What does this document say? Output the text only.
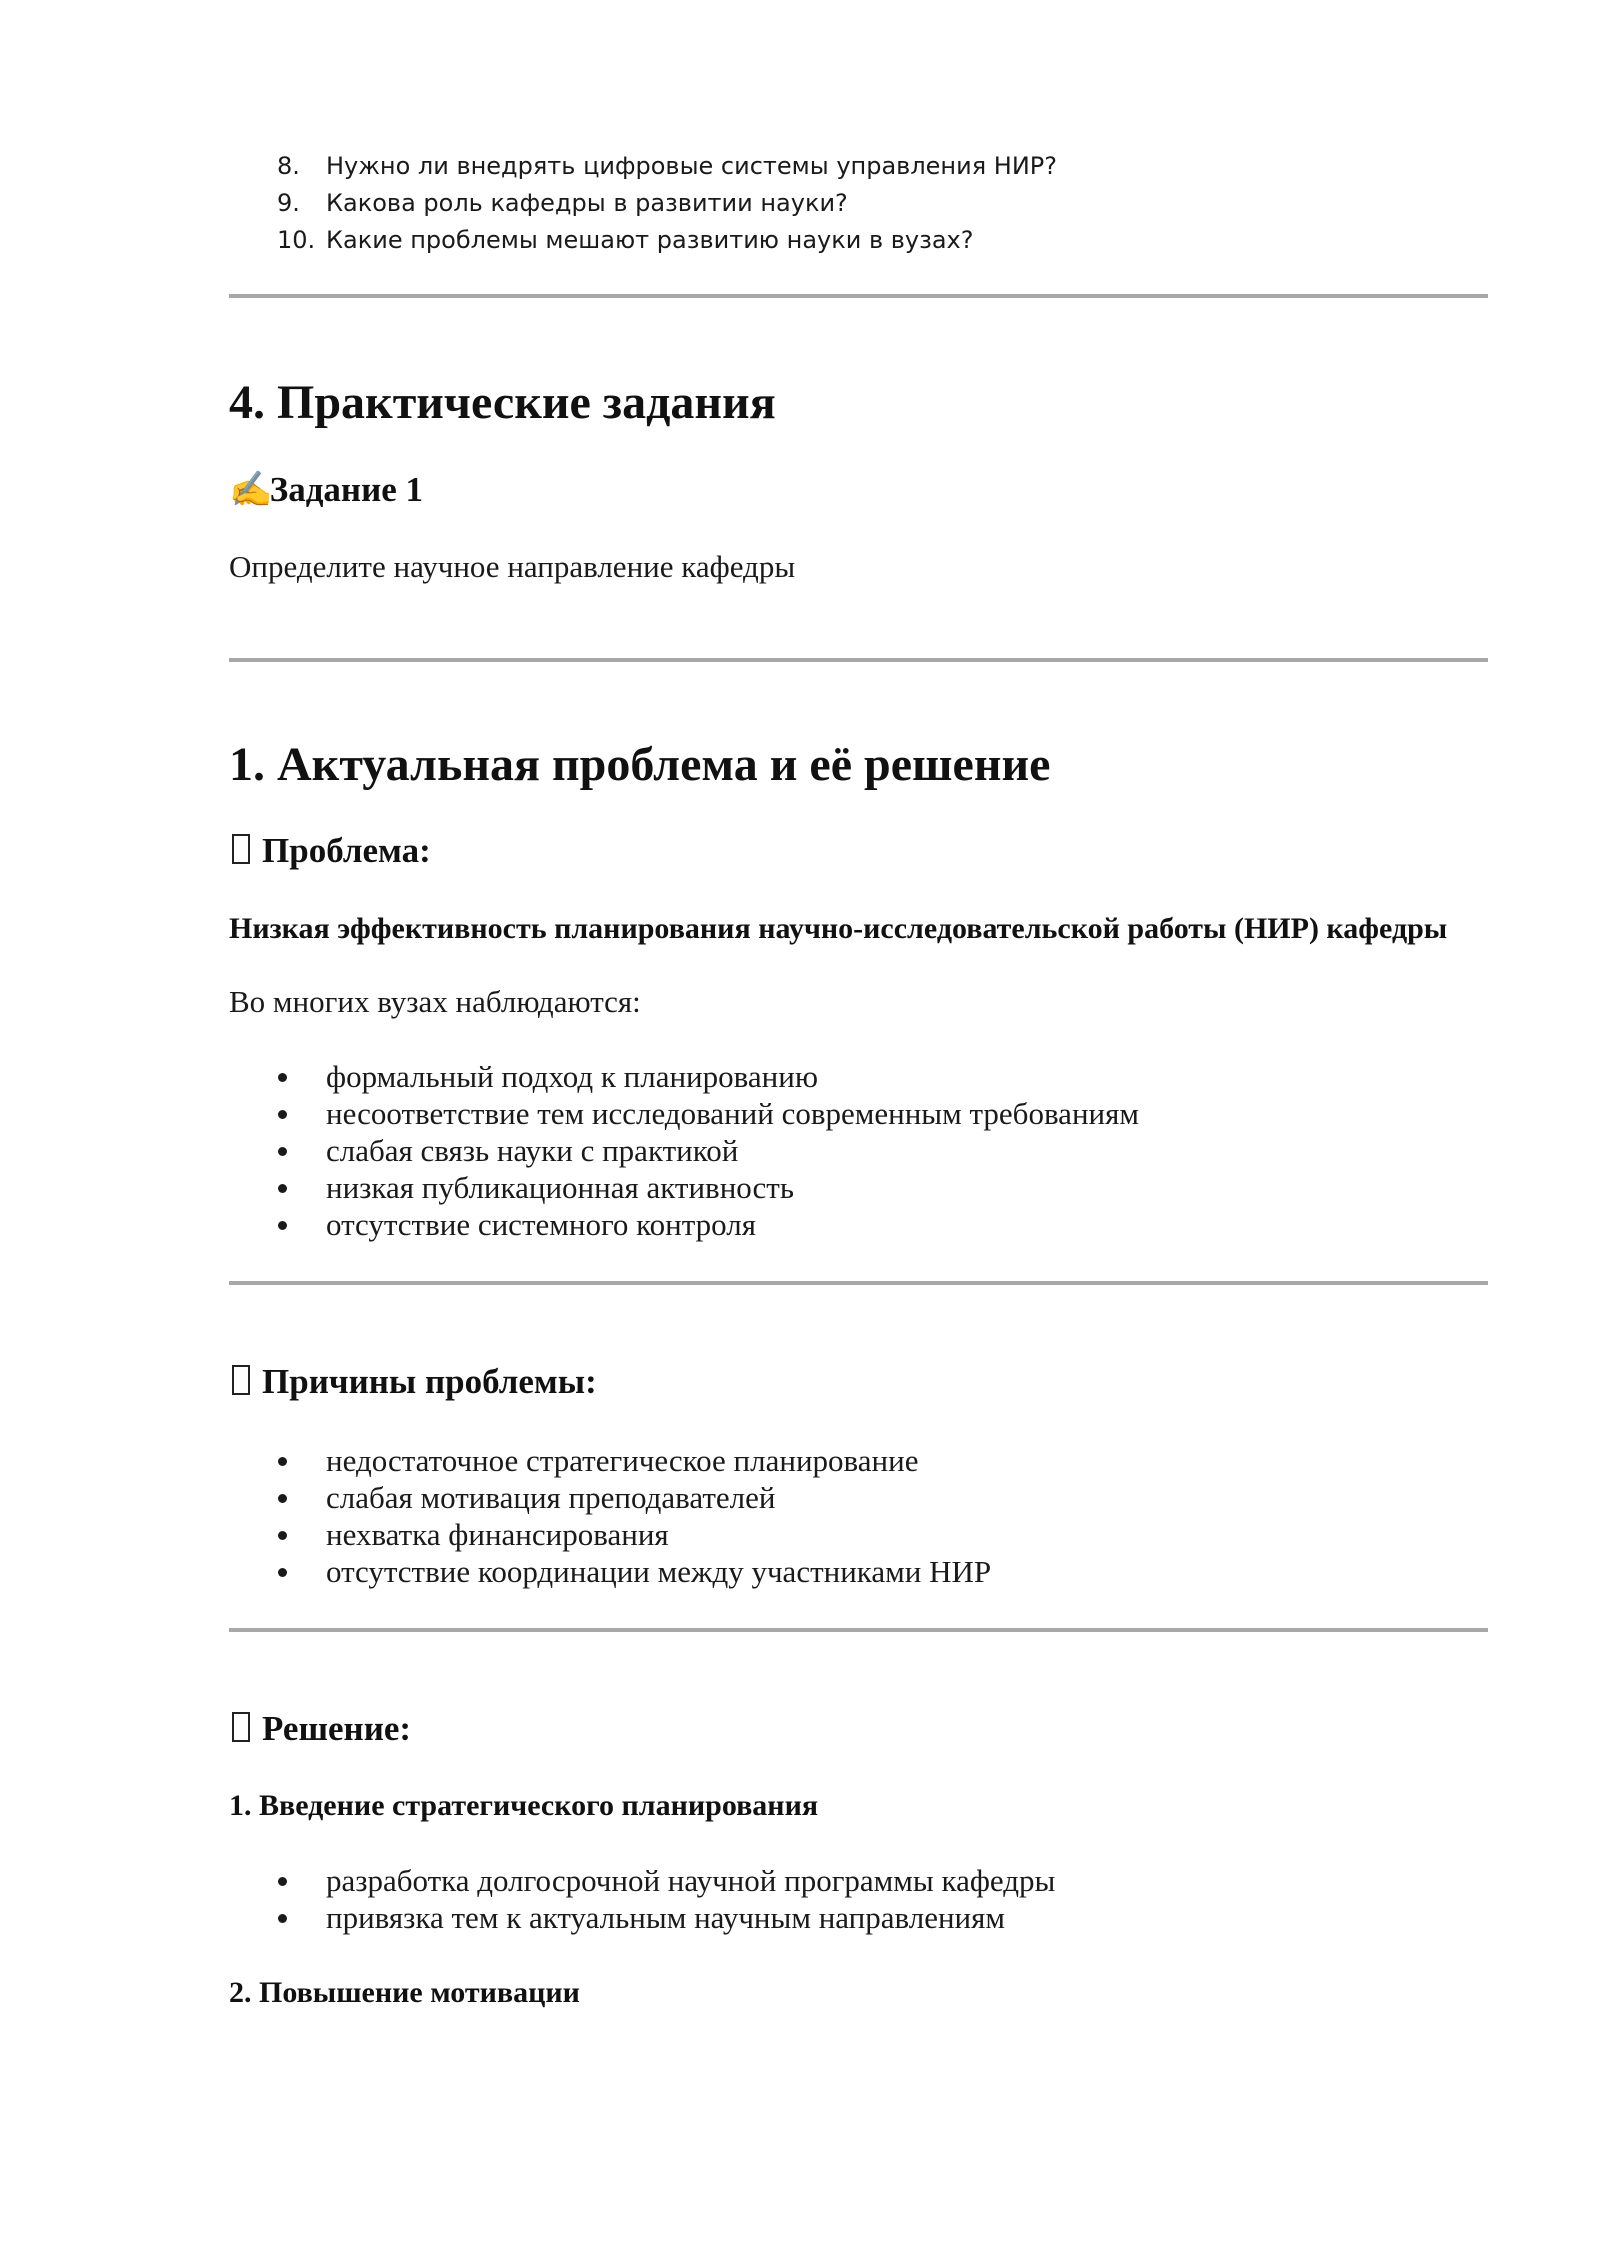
8. Нужно ли внедрять цифровые системы управления НИР?
9. Какова роль кафедры в развитии науки?
10. Какие проблемы мешают развитию науки в вузах?
4. Практические задания
✍ Задание 1

Определите научное направление кафедры

1. Актуальная проблема и её решение
Проблема:
Низкая эффективность планирования научно-исследовательской работы (НИР) кафедры

Во многих вузах наблюдаются:

формальный подход к планированию
несоответствие тем исследований современным требованиям
слабая связь науки с практикой
низкая публикационная активность
отсутствие системного контроля
Причины проблемы:
недостаточное стратегическое планирование
слабая мотивация преподавателей
нехватка финансирования
отсутствие координации между участниками НИР
Решение:
1. Введение стратегического планирования
разработка долгосрочной научной программы кафедры
привязка тем к актуальным научным направлениям
2. Повышение мотивации
